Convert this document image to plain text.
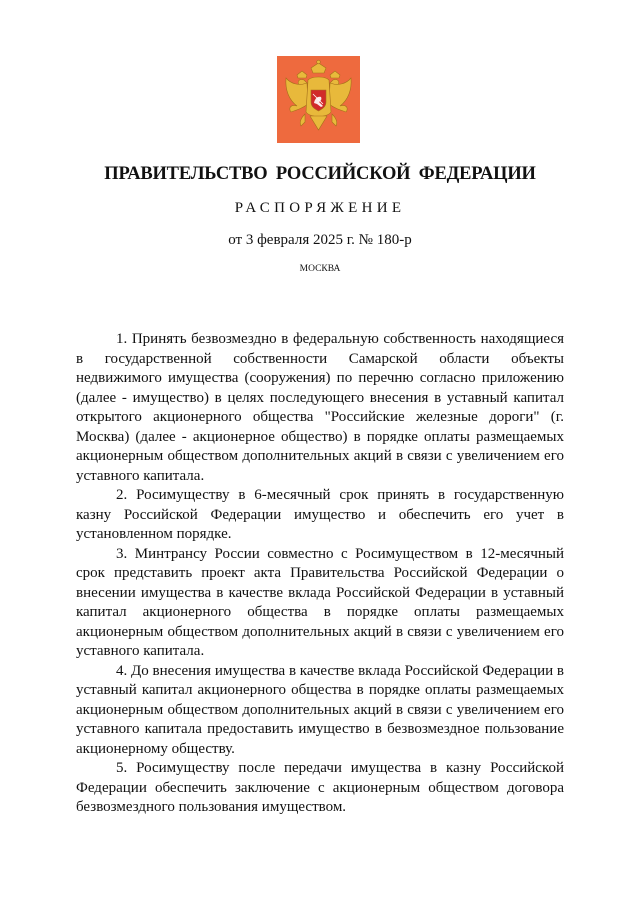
ПРАВИТЕЛЬСТВО РОССИЙСКОЙ ФЕДЕРАЦИИ
РАСПОРЯЖЕНИЕ
от 3 февраля 2025 г. № 180-р
МОСКВА

1. Принять безвозмездно в федеральную собственность находящиеся в государственной собственности Самарской области объекты недвижимого имущества (сооружения) по перечню согласно приложению (далее - имущество) в целях последующего внесения в уставный капитал открытого акционерного общества "Российские железные дороги" (г. Москва) (далее - акционерное общество) в порядке оплаты размещаемых акционерным обществом дополнительных акций в связи с увеличением его уставного капитала.

2. Росимуществу в 6-месячный срок принять в государственную казну Российской Федерации имущество и обеспечить его учет в установленном порядке.

3. Минтрансу России совместно с Росимуществом в 12-месячный срок представить проект акта Правительства Российской Федерации о внесении имущества в качестве вклада Российской Федерации в уставный капитал акционерного общества в порядке оплаты размещаемых акционерным обществом дополнительных акций в связи с увеличением его уставного капитала.

4. До внесения имущества в качестве вклада Российской Федерации в уставный капитал акционерного общества в порядке оплаты размещаемых акционерным обществом дополнительных акций в связи с увеличением его уставного капитала предоставить имущество в безвозмездное пользование акционерному обществу.

5. Росимуществу после передачи имущества в казну Российской Федерации обеспечить заключение с акционерным обществом договора безвозмездного пользования имуществом.
